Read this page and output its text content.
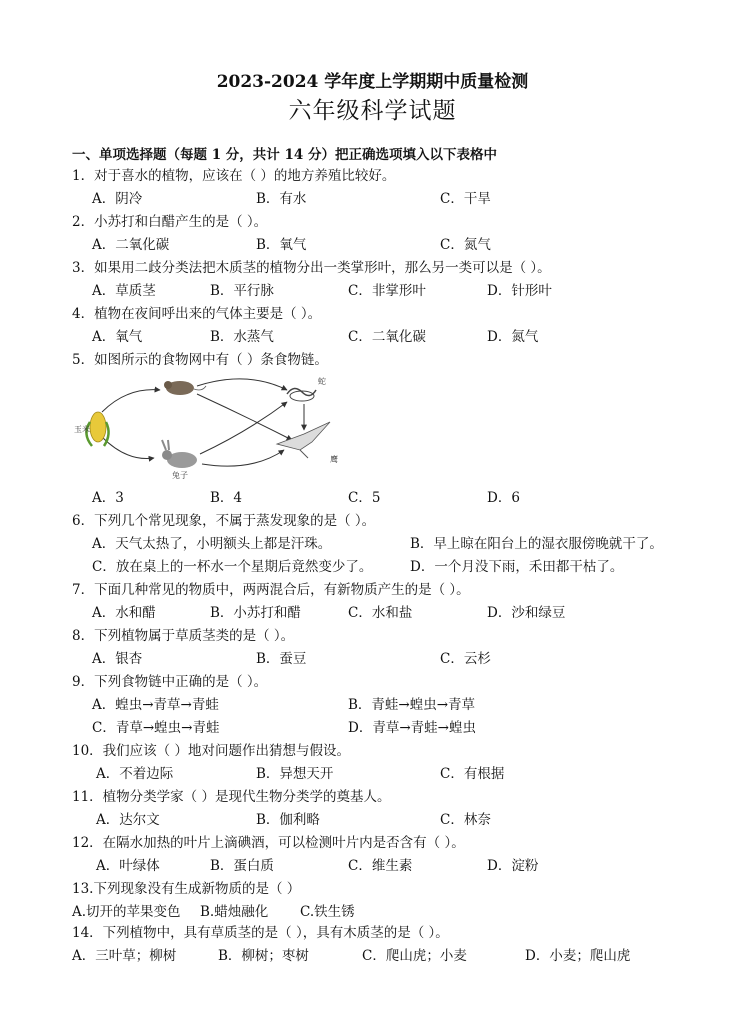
2023-2024 学年度上学期期中质量检测
六年级科学试题
一、单项选择题（每题 1 分，共计 14 分）把正确选项填入以下表格中
1．对于喜水的植物，应该在（ ）的地方养殖比较好。
A．阴冷	B．有水	C．干旱
2．小苏打和白醋产生的是（ ）。
A．二氧化碳	B．氧气	C．氮气
3．如果用二歧分类法把木质茎的植物分出一类掌形叶，那么另一类可以是（ ）。
A．草质茎	B．平行脉	C．非掌形叶	D．针形叶
4．植物在夜间呼出来的气体主要是（ ）。
A．氧气	B．水蒸气	C．二氧化碳	D．氮气
5．如图所示的食物网中有（ ）条食物链。
玉米
兔子
蛇
鹰
A．3	B．4	C．5	D．6
6．下列几个常见现象，不属于蒸发现象的是（ ）。
A．天气太热了，小明额头上都是汗珠。	B．早上晾在阳台上的湿衣服傍晚就干了。
C．放在桌上的一杯水一个星期后竟然变少了。	D．一个月没下雨，禾田都干枯了。
7．下面几种常见的物质中，两两混合后，有新物质产生的是（ ）。
A．水和醋	B．小苏打和醋	C．水和盐	D．沙和绿豆
8．下列植物属于草质茎类的是（ ）。
A．银杏	B．蚕豆	C．云杉
9．下列食物链中正确的是（ ）。
A．蝗虫→青草→青蛙	B．青蛙→蝗虫→青草
C．青草→蝗虫→青蛙	D．青草→青蛙→蝗虫
10．我们应该（ ）地对问题作出猜想与假设。
A．不着边际	B．异想天开	C．有根据
11．植物分类学家（ ）是现代生物分类学的奠基人。
A．达尔文	B．伽利略	C．林奈
12．在隔水加热的叶片上滴碘酒，可以检测叶片内是否含有（ ）。
A．叶绿体	B．蛋白质	C．维生素	D．淀粉
13.下列现象没有生成新物质的是（ ）
A.切开的苹果变色 B.蜡烛融化 C.铁生锈
14．下列植物中，具有草质茎的是（ ），具有木质茎的是（ ）。
A．三叶草；柳树	B．柳树；枣树	C．爬山虎；小麦	D．小麦；爬山虎
